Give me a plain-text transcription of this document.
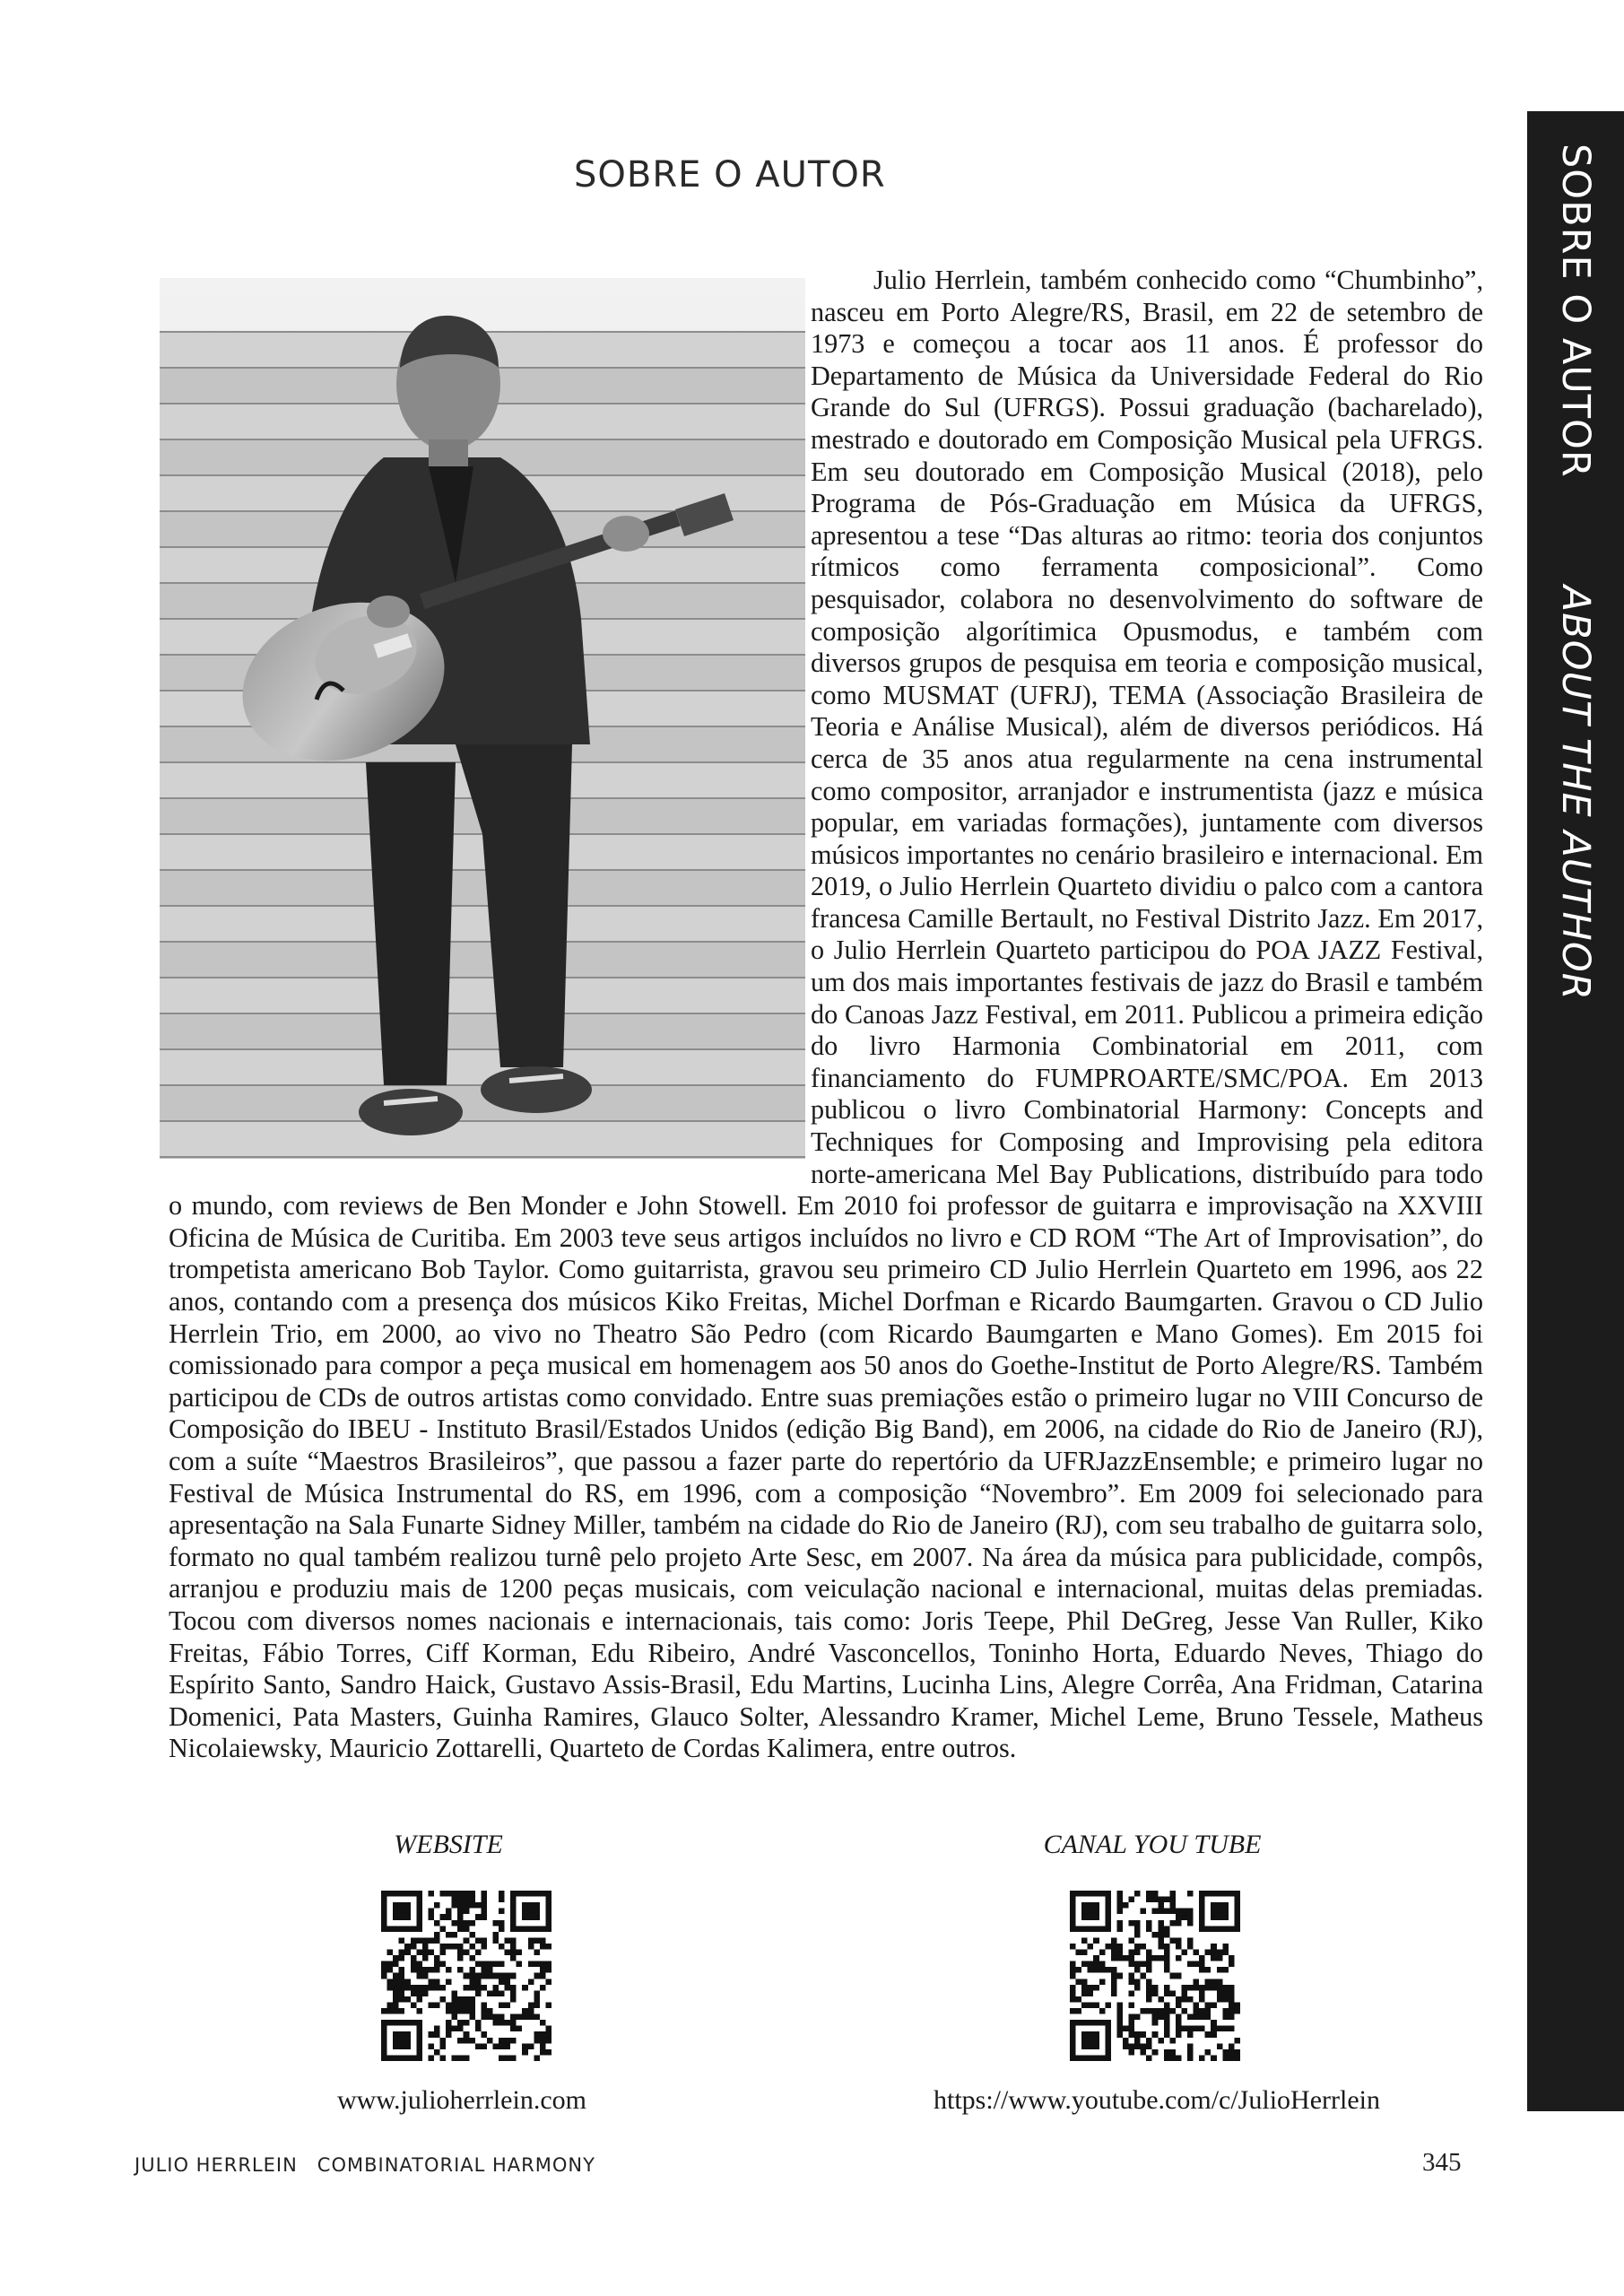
SOBRE O AUTOR	SOBRE O AUTORABOUT THE AUTHOR

Julio Herrlein, também conhecido como “Chumbinho”, nasceu em Porto Alegre/RS, Brasil, em 22 de setembro de 1973 e começou a tocar aos 11 anos. É professor do Departamento de Música da Universidade Federal do Rio Grande do Sul (UFRGS). Possui graduação (bacharelado), mestrado e doutorado em Composição Musical pela UFRGS. Em seu doutorado em Composição Musical (2018), pelo Programa de Pós-Graduação em Música da UFRGS, apresentou a tese “Das alturas ao ritmo: teoria dos conjuntos rítmicos como ferramenta composicional”. Como pesquisador, colabora no desenvolvimento do software de composição algorítimica Opusmodus, e também com diversos grupos de pesquisa em teoria e composição musical, como MUSMAT (UFRJ), TEMA (Associação Brasileira de Teoria e Análise Musical), além de diversos periódicos. Há cerca de 35 anos atua regularmente na cena instrumental como compositor, arranjador e instrumentista (jazz e música popular, em variadas formações), juntamente com diversos músicos importantes no cenário brasileiro e internacional. Em 2019, o Julio Herrlein Quarteto dividiu o palco com a cantora francesa Camille Bertault, no Festival Distrito Jazz. Em 2017, o Julio Herrlein Quarteto participou do POA JAZZ Festival, um dos mais importantes festivais de jazz do Brasil e também do Canoas Jazz Festival, em 2011. Publicou a primeira edição do livro Harmonia Combinatorial em 2011, com financiamento do FUMPROARTE/SMC/POA. Em 2013 publicou o livro Combinatorial Harmony: Concepts and Techniques for Composing and Improvising pela editora norte-americana Mel Bay Publications, distribuído para todo o mundo, com reviews de Ben Monder e John Stowell. Em 2010 foi professor de guitarra e improvisação na XXVIII Oficina de Música de Curitiba. Em 2003 teve seus artigos incluídos no livro e CD ROM “The Art of Improvisation”, do trompetista americano Bob Taylor. Como guitarrista, gravou seu primeiro CD Julio Herrlein Quarteto em 1996, aos 22 anos, contando com a presença dos músicos Kiko Freitas, Michel Dorfman e Ricardo Baumgarten. Gravou o CD Julio Herrlein Trio, em 2000, ao vivo no Theatro São Pedro (com Ricardo Baumgarten e Mano Gomes). Em 2015 foi comissionado para compor a peça musical em homenagem aos 50 anos do Goethe-Institut de Porto Alegre/RS. Também participou de CDs de outros artistas como convidado. Entre suas premiações estão o primeiro lugar no VIII Concurso de Composição do IBEU - Instituto Brasil/Estados Unidos (edição Big Band), em 2006, na cidade do Rio de Janeiro (RJ), com a suíte “Maestros Brasileiros”, que passou a fazer parte do repertório da UFRJazzEnsemble; e primeiro lugar no Festival de Música Instrumental do RS, em 1996, com a composição “Novembro”. Em 2009 foi selecionado para apresentação na Sala Funarte Sidney Miller, também na cidade do Rio de Janeiro (RJ), com seu trabalho de guitarra solo, formato no qual também realizou turnê pelo projeto Arte Sesc, em 2007. Na área da música para publicidade, compôs, arranjou e produziu mais de 1200 peças musicais, com veiculação nacional e internacional, muitas delas premiadas. Tocou com diversos nomes nacionais e internacionais, tais como: Joris Teepe, Phil DeGreg, Jesse Van Ruller, Kiko Freitas, Fábio Torres, Ciff Korman, Edu Ribeiro, André Vasconcellos, Toninho Horta, Eduardo Neves, Thiago do Espírito Santo, Sandro Haick, Gustavo Assis-Brasil, Edu Martins, Lucinha Lins, Alegre Corrêa, Ana Fridman, Catarina Domenici, Pata Masters, Guinha Ramires, Glauco Solter, Alessandro Kramer, Michel Leme, Bruno Tessele, Matheus Nicolaiewsky, Mauricio Zottarelli, Quarteto de Cordas Kalimera, entre outros.

WEBSITE
www.julioherrlein.com
CANAL YOU TUBE
https://www.youtube.com/c/JulioHerrlein
JULIO HERRLEIN COMBINATORIAL HARMONY	345
